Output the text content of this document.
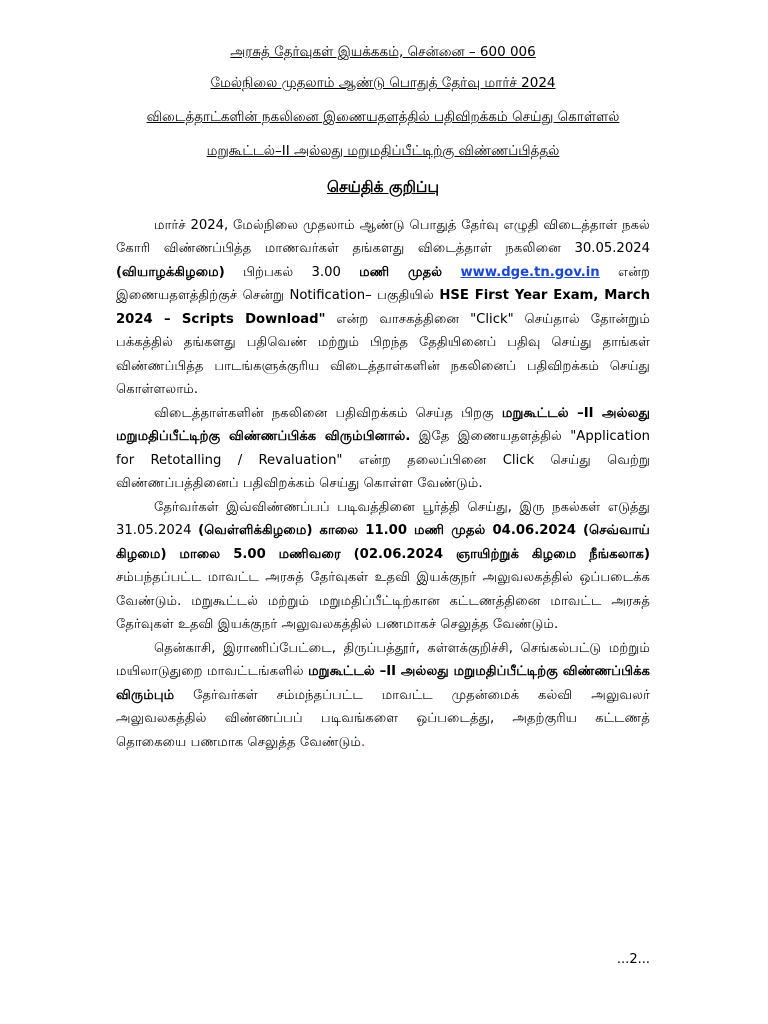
அரசுத் தேர்வுகள் இயக்ககம், சென்னை – 600 006

மேல்நிலை முதலாம் ஆண்டு பொதுத் தேர்வு மார்ச் 2024

விடைத்தாட்களின் நகலினை இணையதளத்தில் பதிவிறக்கம் செய்து கொள்ளல்

மறுகூட்டல்–II அல்லது மறுமதிப்பீட்டிற்கு விண்ணப்பித்தல்

செய்திக் குறிப்பு

மார்ச் 2024, மேல்நிலை முதலாம் ஆண்டு பொதுத் தேர்வு எழுதி விடைத்தாள் நகல் கோரி விண்ணப்பித்த மாணவர்கள் தங்களது விடைத்தாள் நகலினை 30.05.2024 (வியாழக்கிழமை) பிற்பகல் 3.00 மணி முதல் www.dge.tn.gov.in என்ற இணையதளத்திற்குச் சென்று Notification– பகுதியில் HSE First Year Exam, March 2024 – Scripts Download" என்ற வாசகத்தினை "Click" செய்தால் தோன்றும் பக்கத்தில் தங்களது பதிவெண் மற்றும் பிறந்த தேதியினைப் பதிவு செய்து தாங்கள் விண்ணப்பித்த பாடங்களுக்குரிய விடைத்தாள்களின் நகலினைப் பதிவிறக்கம் செய்து கொள்ளலாம்.

விடைத்தாள்களின் நகலினை பதிவிறக்கம் செய்த பிறகு மறுகூட்டல் –II அல்லது மறுமதிப்பீட்டிற்கு விண்ணப்பிக்க விரும்பினால். இதே இணையதளத்தில் "Application for Retotalling / Revaluation" என்ற தலைப்பினை Click செய்து வெற்று விண்ணப்பத்தினைப் பதிவிறக்கம் செய்து கொள்ள வேண்டும்.

தேர்வர்கள் இவ்விண்ணப்பப் படிவத்தினை பூர்த்தி செய்து, இரு நகல்கள் எடுத்து 31.05.2024 (வெள்ளிக்கிழமை) காலை 11.00 மணி முதல் 04.06.2024 (செவ்வாய் கிழமை) மாலை 5.00 மணிவரை (02.06.2024 ஞாயிற்றுக் கிழமை நீங்கலாக) சம்பந்தப்பட்ட மாவட்ட அரசுத் தேர்வுகள் உதவி இயக்குநர் அலுவலகத்தில் ஒப்படைக்க வேண்டும். மறுகூட்டல் மற்றும் மறுமதிப்பீட்டிற்கான கட்டணத்தினை மாவட்ட அரசுத் தேர்வுகள் உதவி இயக்குநர் அலுவலகத்தில் பணமாகச் செலுத்த வேண்டும்.

தென்காசி, இராணிப்பேட்டை, திருப்பத்தூர், கள்ளக்குறிச்சி, செங்கல்பட்டு மற்றும் மயிலாடுதுறை மாவட்டங்களில் மறுகூட்டல் –II அல்லது மறுமதிப்பீட்டிற்கு விண்ணப்பிக்க விரும்பும் தேர்வர்கள் சம்மந்தப்பட்ட மாவட்ட முதன்மைக் கல்வி அலுவலர் அலுவலகத்தில் விண்ணப்பப் படிவங்களை ஒப்படைத்து, அதற்குரிய கட்டணத் தொகையை பணமாக செலுத்த வேண்டும்.

...2...
